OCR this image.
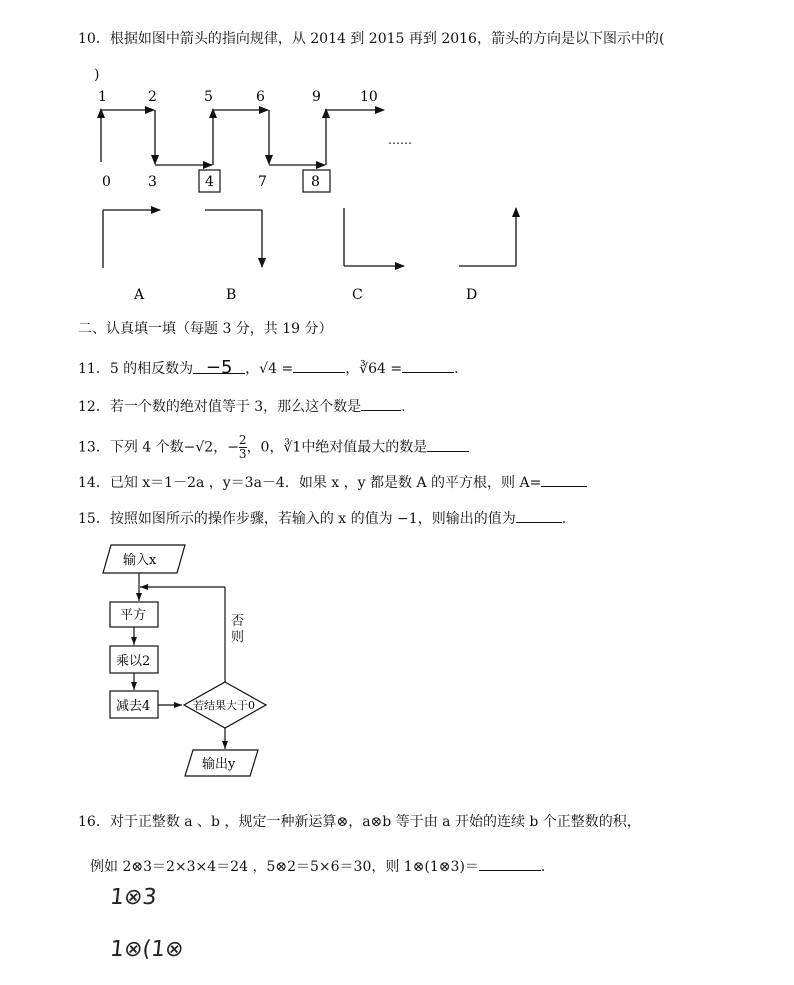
10．根据如图中箭头的指向规律，从 2014 到 2015 再到 2016，箭头的方向是以下图示中的(
)
1	2	5	6	9	10
0	3	4	7	8
……
A	B	C	D
二、认真填一填（每题 3 分，共 19 分）
11．5 的相反数为 −5 ，√4 =	，∛64 =	.
12．若一个数的绝对值等于 3，那么这个数是	.
13．下列 4 个数−√2，− $\frac{2}{3}$ ，0，∛1中绝对值最大的数是
14．已知 x＝1－2a ，y＝3a－4．如果 x ，y 都是数 A 的平方根，则 A=
15．按照如图所示的操作步骤，若输入的 x 的值为 −1，则输出的值为	.
输入x
平方
乘以2
减去4	若结果大于0
输出y
否则
16．对于正整数 a 、b ，规定一种新运算⊗，a⊗b 等于由 a 开始的连续 b 个正整数的积，
例如 2⊗3＝2×3×4＝24 ，5⊗2＝5×6＝30，则 1⊗(1⊗3)＝	.
1⊗3
1⊗(1⊗
